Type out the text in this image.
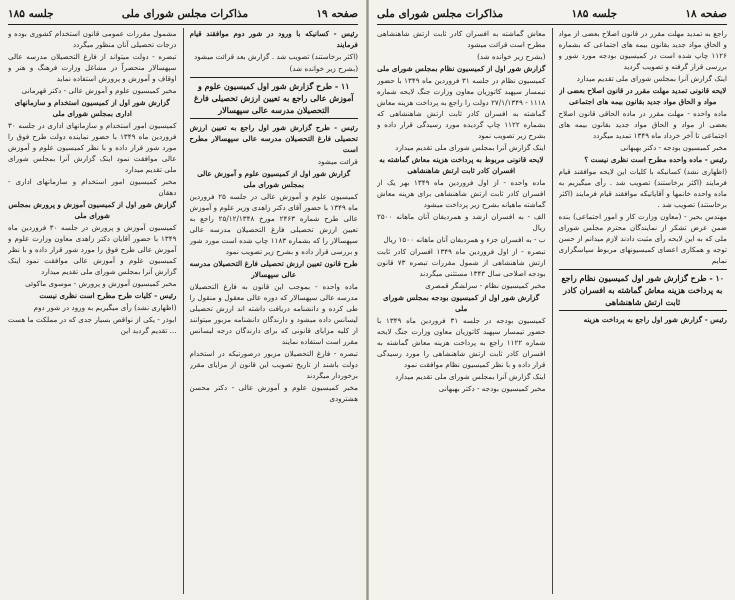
صفحه ۱۹
مذاکرات مجلس شورای ملی
جلسه ۱۸۵

رئیس - کسانیکه با ورود در شور دوم موافقند قیام فرمایند

(اکثر برخاستند) تصویب شد . گزارش بعد قرائت میشود

(بشرح زیر خوانده شد)

۱۱ - طرح گزارش شور اول کمیسیون علوم و آموزش عالی راجع به تعیین ارزش تحصیلی فارغ التحصیلان مدرسه عالی سپهسالار

رئیس - طرح گزارش شور اول راجع به تعیین ارزش تحصیلی فارغ التحصیلان مدرسه عالی سپهسالار مطرح است

قرائت میشود

گزارش شور اول از کمیسیون علوم و آموزش عالی بمجلس شورای ملی

کمیسیون علوم و آموزش عالی در جلسه ۲۵ فروردین ماه ۱۳۴۹ با حضور آقای دکتر زاهدی وزیر علوم و آموزش عالی طرح شماره ۲۴۶۳ مورخ ۲۵/۱۲/۱۳۴۸ راجع به تعیین ارزش تحصیلی فارغ التحصیلان مدرسه عالی سپهسالار را که بشماره ۱۱۸۳ چاپ شده است مورد شور و بررسی قرار داده و بشرح زیر تصویب نمود

طرح قانون تعیین ارزش تحصیلی فارغ التحصیلان مدرسه عالی سپهسالار

ماده واحده - بموجب این قانون به فارغ التحصیلان مدرسه عالی سپهسالار که دوره عالی معقول و منقول را طی کرده و دانشنامه دریافت داشته اند ارزش تحصیلی لیسانس داده میشود و دارندگان دانشنامه مزبور میتوانند از کلیه مزایای قانونی که برای دارندگان درجه لیسانس مقرر است استفاده نمایند

تبصره - فارغ التحصیلان مزبور درصورتیکه در استخدام دولت باشند از تاریخ تصویب این قانون از مزایای مقرر برخوردار میگردند

مخبر کمیسیون علوم و آموزش عالی - دکتر محسن هشترودی

مشمول مقررات عمومی قانون استخدام کشوری بوده و درجات تحصیلی آنان منظور میگردد

تبصره - دولت میتواند از فارغ التحصیلان مدرسه عالی سپهسالار منحصراً در مشاغل وزارت فرهنگ و هنر و اوقاف و آموزش و پرورش استفاده نماید

مخبر کمیسیون علوم و آموزش عالی - دکتر قهرمانی

گزارش شور اول از کمیسیون استخدام و سازمانهای اداری بمجلس شورای ملی

کمیسیون امور استخدام و سازمانهای اداری در جلسه ۳۰ فروردین ماه ۱۳۴۹ با حضور نماینده دولت طرح فوق را مورد شور قرار داده و با نظر کمیسیون علوم و آموزش عالی موافقت نمود اینک گزارش آنرا بمجلس شورای ملی تقدیم میدارد

مخبر کمیسیون امور استخدام و سازمانهای اداری - دهقان

گزارش شور اول از کمیسیون آموزش و پرورش بمجلس شورای ملی

کمیسیون آموزش و پرورش در جلسه ۳۰ فروردین ماه ۱۳۴۹ با حضور آقایان دکتر زاهدی معاون وزارت علوم و آموزش عالی طرح فوق را مورد شور قرار داده و با نظر کمیسیون علوم و آموزش عالی موافقت نمود اینک گزارش آنرا بمجلس شورای ملی تقدیم میدارد

مخبر کمیسیون آموزش و پرورش - موسوی ماکوئی

رئیس - کلیات طرح مطرح است نظری نیست

(اظهاری نشد) رأی میگیریم به ورود در شور دوم

ابوذر - یکی از نواقص بسیار جدی که در مملکت ما هست ... تقدیم گردید این

صفحه ۱۸
جلسه ۱۸۵
مذاکرات مجلس شورای ملی

راجع به تمدید مهلت مقرر در قانون اصلاح بعضی از مواد و الحاق مواد جدید بقانون بیمه های اجتماعی که بشماره ۱۱۲۶ چاپ شده است در کمیسیون بودجه مورد شور و بررسی قرار گرفته و تصویب گردید

اینک گزارش آنرا بمجلس شورای ملی تقدیم میدارد

لایحه قانونی تمدید مهلت مقرر در قانون اصلاح بعضی از مواد و الحاق مواد جدید بقانون بیمه های اجتماعی

ماده واحده - مهلت مقرر در ماده الحاقی قانون اصلاح بعضی از مواد و الحاق مواد جدید بقانون بیمه های اجتماعی تا آخر خرداد ماه ۱۳۴۹ تمدید میگردد

مخبر کمیسیون بودجه - دکتر بهبهانی

رئیس - ماده واحده مطرح است نظری نیست ؟

(اظهاری نشد) کسانیکه با کلیات این لایحه موافقند قیام فرمایند (اکثر برخاستند) تصویب شد . رأی میگیریم به ماده واحده خانمها و آقایانیکه موافقند قیام فرمایند (اکثر برخاستند) تصویب شد .

مهندس بحیر - (معاون وزارت کار و امور اجتماعی) بنده ضمن عرض تشکر از نمایندگان محترم مجلس شورای ملی که به این لایحه رأی مثبت دادند لازم میدانم از حسن توجه و همکاری اعضای کمیسیونهای مربوط سپاسگزاری نمایم

۱۰ - طرح گزارش شور اول کمیسیون نظام راجع به پرداخت هزینه معاش گماشته به افسران کادر ثابت ارتش شاهنشاهی

رئیس - گزارش شور اول راجع به پرداخت هزینه

معاش گماشته به افسران کادر ثابت ارتش شاهنشاهی مطرح است قرائت میشود

(بشرح زیر خوانده شد)

گزارش شور اول از کمیسیون نظام بمجلس شورای ملی

کمیسیون نظام در جلسه ۳۱ فروردین ماه ۱۳۴۹ با حضور تیمسار سپهبد کاتوزیان معاون وزارت جنگ لایحه شماره ۱۱۱۸ - ۲۷/۱/۱۳۴۹ دولت را راجع به پرداخت هزینه معاش گماشته به افسران کادر ثابت ارتش شاهنشاهی که بشماره ۱۱۲۲ چاپ گردیده مورد رسیدگی قرار داده و بشرح زیر تصویب نمود

اینک گزارش آنرا بمجلس شورای ملی تقدیم میدارد

لایحه قانونی مربوط به پرداخت هزینه معاش گماشته به افسران کادر ثابت ارتش شاهنشاهی

ماده واحده - از اول فروردین ماه ۱۳۴۹ بهر یک از افسران کادر ثابت ارتش شاهنشاهی برای هزینه معاش گماشته ماهیانه بشرح زیر پرداخت میشود

الف - به افسران ارشد و همردیفان آنان ماهانه ۲۵۰۰ ریال

ب - به افسران جزء و همردیفان آنان ماهانه ۱۵۰۰ ریال

تبصره - از اول فروردین ماه ۱۳۴۹ افسران کادر ثابت ارتش شاهنشاهی از شمول مقررات تبصره ۷۳ قانون بودجه اصلاحی سال ۱۳۴۳ مستثنی میگردند

مخبر کمیسیون نظام - سرلشگر قمصری

گزارش شور اول از کمیسیون بودجه بمجلس شورای ملی

کمیسیون بودجه در جلسه ۳۱ فروردین ماه ۱۳۴۹ با حضور تیمسار سپهبد کاتوزیان معاون وزارت جنگ لایحه شماره ۱۱۲۲ راجع به پرداخت هزینه معاش گماشته به افسران کادر ثابت ارتش شاهنشاهی را مورد رسیدگی قرار داده و با نظر کمیسیون نظام موافقت نمود

اینک گزارش آنرا بمجلس شورای ملی تقدیم میدارد

مخبر کمیسیون بودجه - دکتر بهبهانی
